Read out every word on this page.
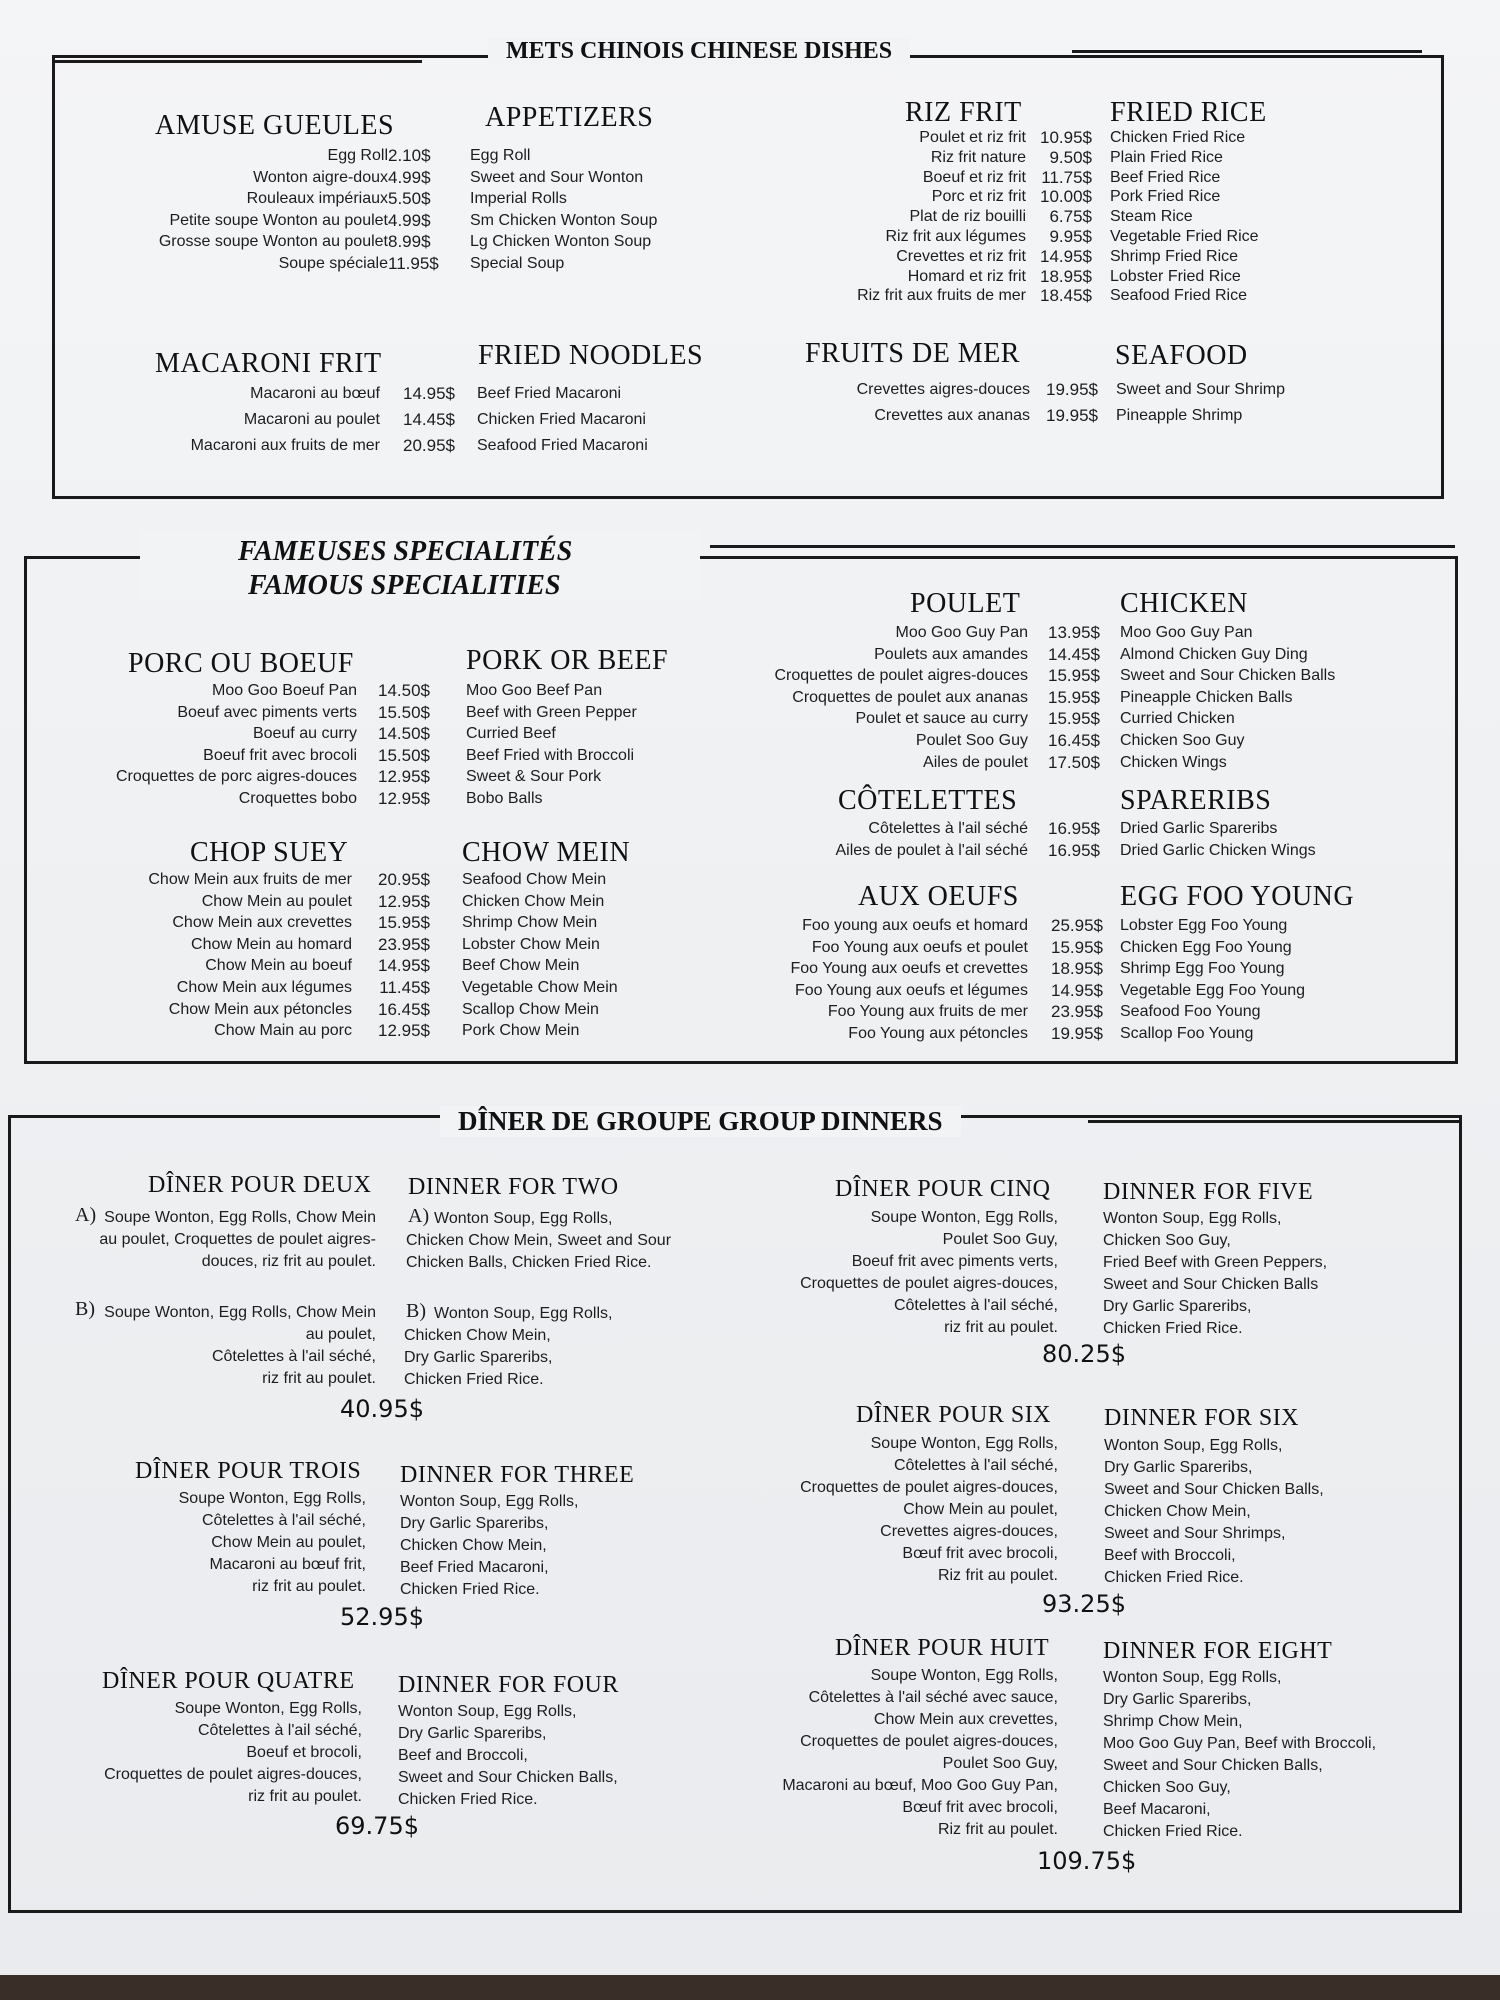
METS CHINOIS CHINESE DISHES
AMUSE GUEULES	APPETIZERS
Egg Roll 2.10$ Egg Roll
Wonton aigre-doux 4.99$ Sweet and Sour Wonton
Rouleaux impériaux 5.50$ Imperial Rolls
Petite soupe Wonton au poulet 4.99$ Sm Chicken Wonton Soup
Grosse soupe Wonton au poulet 8.99$ Lg Chicken Wonton Soup
Soupe spéciale 11.95$ Special Soup
RIZ FRIT	FRIED RICE
Poulet et riz frit 10.95$ Chicken Fried Rice
Riz frit nature	9.50$ Plain Fried Rice
Boeuf et riz frit 11.75$ Beef Fried Rice
Porc et riz frit 10.00$ Pork Fried Rice
Plat de riz bouilli	6.75$ Steam Rice
Riz frit aux légumes	9.95$ Vegetable Fried Rice
Crevettes et riz frit 14.95$ Shrimp Fried Rice
Homard et riz frit 18.95$ Lobster Fried Rice
Riz frit aux fruits de mer 18.45$ Seafood Fried Rice
MACARONI FRIT	FRIED NOODLES
Macaroni au bœuf	14.95$ Beef Fried Macaroni
Macaroni au poulet	14.45$ Chicken Fried Macaroni
Macaroni aux fruits de mer	20.95$ Seafood Fried Macaroni
FRUITS DE MER	SEAFOOD
Crevettes aigres-douces 19.95$ Sweet and Sour Shrimp
Crevettes aux ananas 19.95$ Pineapple Shrimp
FAMEUSES SPECIALITÉS
FAMOUS SPECIALITIES
PORC OU BOEUF	PORK OR BEEF
Moo Goo Boeuf Pan	14.50$ Moo Goo Beef Pan
Boeuf avec piments verts	15.50$ Beef with Green Pepper
Boeuf au curry	14.50$ Curried Beef
Boeuf frit avec brocoli	15.50$ Beef Fried with Broccoli
Croquettes de porc aigres-douces	12.95$ Sweet & Sour Pork
Croquettes bobo	12.95$ Bobo Balls
CHOP SUEY	CHOW MEIN
Chow Mein aux fruits de mer	20.95$ Seafood Chow Mein
Chow Mein au poulet	12.95$ Chicken Chow Mein
Chow Mein aux crevettes	15.95$ Shrimp Chow Mein
Chow Mein au homard	23.95$ Lobster Chow Mein
Chow Mein au boeuf	14.95$ Beef Chow Mein
Chow Mein aux légumes	11.45$ Vegetable Chow Mein
Chow Mein aux pétoncles	16.45$ Scallop Chow Mein
Chow Main au porc	12.95$ Pork Chow Mein
POULET	CHICKEN
Moo Goo Guy Pan	13.95$ Moo Goo Guy Pan
Poulets aux amandes	14.45$ Almond Chicken Guy Ding
Croquettes de poulet aigres-douces	15.95$ Sweet and Sour Chicken Balls
Croquettes de poulet aux ananas	15.95$ Pineapple Chicken Balls
Poulet et sauce au curry	15.95$ Curried Chicken
Poulet Soo Guy	16.45$ Chicken Soo Guy
Ailes de poulet	17.50$ Chicken Wings
CÔTELETTES	SPARERIBS
Côtelettes à l'ail séché	16.95$ Dried Garlic Spareribs
Ailes de poulet à l'ail séché	16.95$ Dried Garlic Chicken Wings
AUX OEUFS	EGG FOO YOUNG
Foo young aux oeufs et homard	25.95$ Lobster Egg Foo Young
Foo Young aux oeufs et poulet	15.95$ Chicken Egg Foo Young
Foo Young aux oeufs et crevettes	18.95$ Shrimp Egg Foo Young
Foo Young aux oeufs et légumes	14.95$ Vegetable Egg Foo Young
Foo Young aux fruits de mer	23.95$ Seafood Foo Young
Foo Young aux pétoncles	19.95$ Scallop Foo Young
DÎNER DE GROUPE GROUP DINNERS
DÎNER POUR DEUX DINNER FOR TWO
A) Soupe Wonton, Egg Rolls, Chow Mein
au poulet, Croquettes de poulet aigres-
douces, riz frit au poulet.
A) Wonton Soup, Egg Rolls,
Chicken Chow Mein, Sweet and Sour
Chicken Balls, Chicken Fried Rice.
B) Soupe Wonton, Egg Rolls, Chow Mein
au poulet,
Côtelettes à l'ail séché,
riz frit au poulet.
B) Wonton Soup, Egg Rolls,
Chicken Chow Mein,
Dry Garlic Spareribs,
Chicken Fried Rice.
40.95$
DÎNER POUR TROIS DINNER FOR THREE
Soupe Wonton, Egg Rolls,
Côtelettes à l'ail séché,
Chow Mein au poulet,
Macaroni au bœuf frit,
riz frit au poulet.
Wonton Soup, Egg Rolls,
Dry Garlic Spareribs,
Chicken Chow Mein,
Beef Fried Macaroni,
Chicken Fried Rice.
52.95$
DÎNER POUR QUATRE DINNER FOR FOUR
Soupe Wonton, Egg Rolls,
Côtelettes à l'ail séché,
Boeuf et brocoli,
Croquettes de poulet aigres-douces,
riz frit au poulet.
Wonton Soup, Egg Rolls,
Dry Garlic Spareribs,
Beef and Broccoli,
Sweet and Sour Chicken Balls,
Chicken Fried Rice.
69.75$
DÎNER POUR CINQ DINNER FOR FIVE
Soupe Wonton, Egg Rolls,
Poulet Soo Guy,
Boeuf frit avec piments verts,
Croquettes de poulet aigres-douces,
Côtelettes à l'ail séché,
riz frit au poulet.
Wonton Soup, Egg Rolls,
Chicken Soo Guy,
Fried Beef with Green Peppers,
Sweet and Sour Chicken Balls
Dry Garlic Spareribs,
Chicken Fried Rice.
80.25$
DÎNER POUR SIX DINNER FOR SIX
Soupe Wonton, Egg Rolls,
Côtelettes à l'ail séché,
Croquettes de poulet aigres-douces,
Chow Mein au poulet,
Crevettes aigres-douces,
Bœuf frit avec brocoli,
Riz frit au poulet.
Wonton Soup, Egg Rolls,
Dry Garlic Spareribs,
Sweet and Sour Chicken Balls,
Chicken Chow Mein,
Sweet and Sour Shrimps,
Beef with Broccoli,
Chicken Fried Rice.
93.25$
DÎNER POUR HUIT DINNER FOR EIGHT
Soupe Wonton, Egg Rolls,
Côtelettes à l'ail séché avec sauce,
Chow Mein aux crevettes,
Croquettes de poulet aigres-douces,
Poulet Soo Guy,
Macaroni au bœuf, Moo Goo Guy Pan,
Bœuf frit avec brocoli,
Riz frit au poulet.
Wonton Soup, Egg Rolls,
Dry Garlic Spareribs,
Shrimp Chow Mein,
Moo Goo Guy Pan, Beef with Broccoli,
Sweet and Sour Chicken Balls,
Chicken Soo Guy,
Beef Macaroni,
Chicken Fried Rice.
109.75$
